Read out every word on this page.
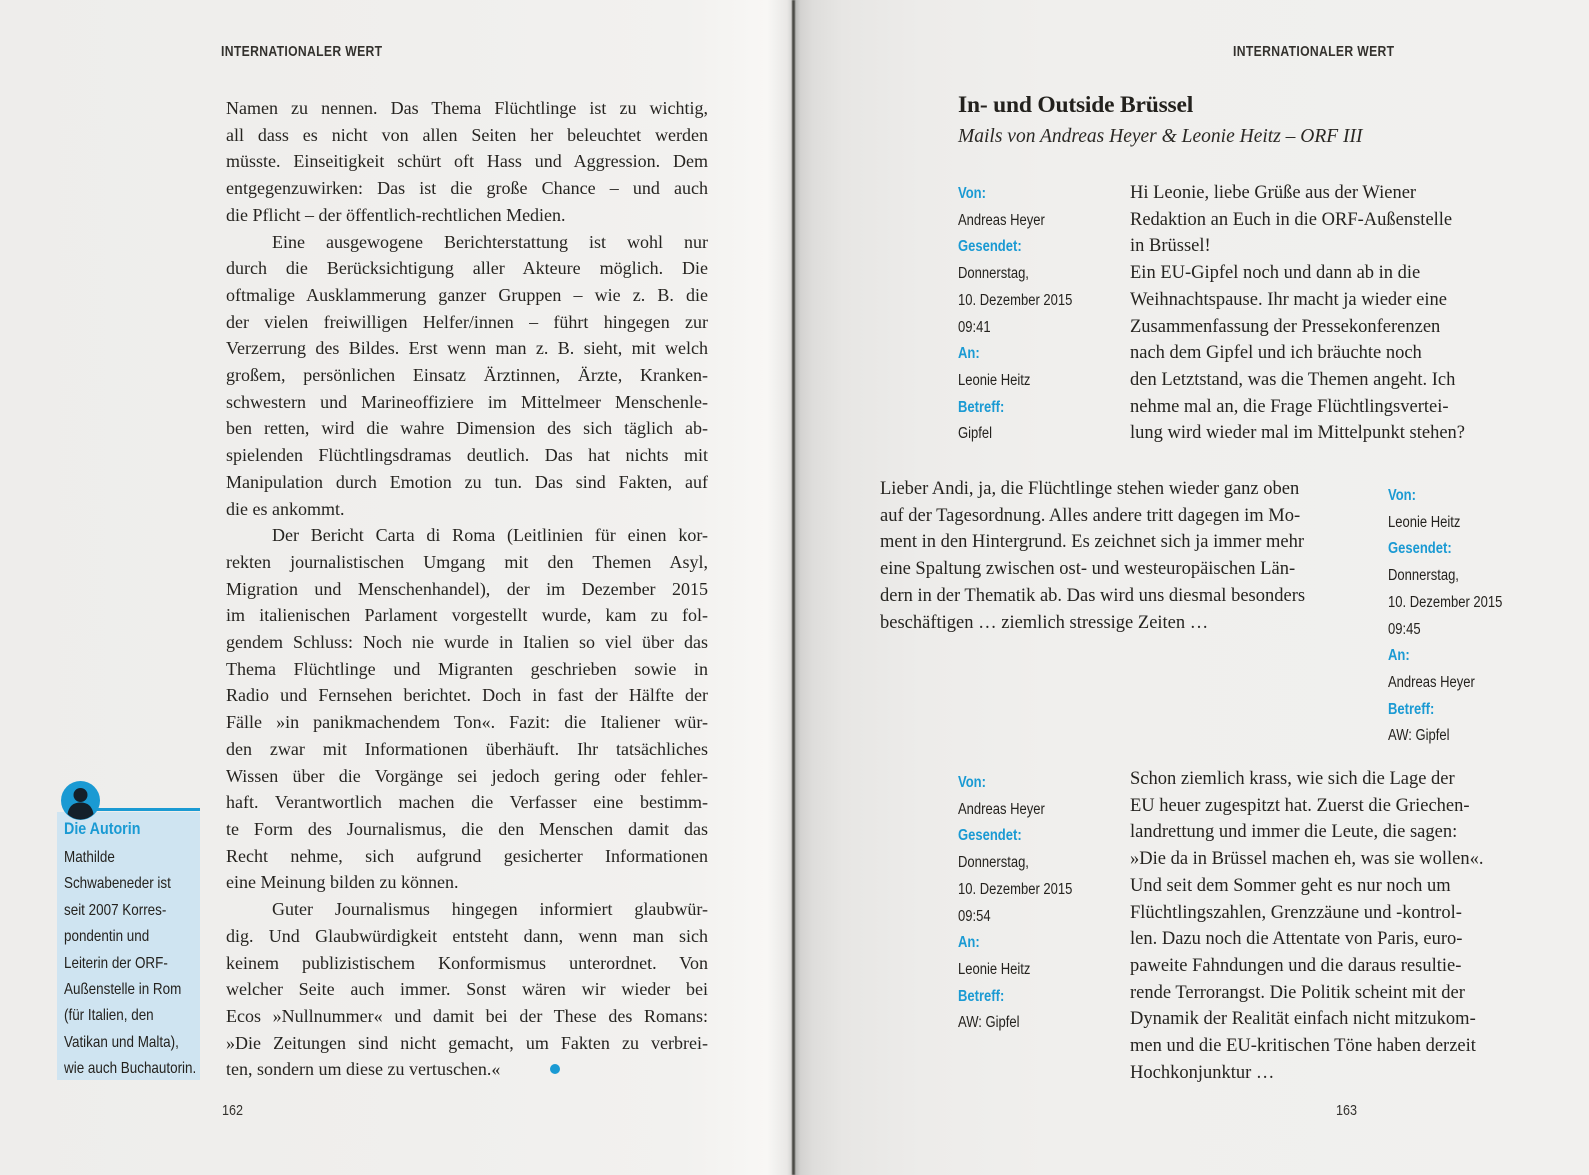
INTERNATIONALER WERT
Namen zu nennen. Das Thema Flüchtlinge ist zu wichtig,
all dass es nicht von allen Seiten her beleuchtet werden
müsste. Einseitigkeit schürt oft Hass und Aggression. Dem
entgegenzuwirken: Das ist die große Chance – und auch
die Pflicht – der öffentlich-rechtlichen Medien.
Eine ausgewogene Berichterstattung ist wohl nur
durch die Berücksichtigung aller Akteure möglich. Die
oftmalige Ausklammerung ganzer Gruppen – wie z. B. die
der vielen freiwilligen Helfer/innen – führt hingegen zur
Verzerrung des Bildes. Erst wenn man z. B. sieht, mit welch
großem, persönlichen Einsatz Ärztinnen, Ärzte, Kranken-
schwestern und Marineoffiziere im Mittelmeer Menschenle-
ben retten, wird die wahre Dimension des sich täglich ab-
spielenden Flüchtlingsdramas deutlich. Das hat nichts mit
Manipulation durch Emotion zu tun. Das sind Fakten, auf
die es ankommt.
Der Bericht Carta di Roma (Leitlinien für einen kor-
rekten journalistischen Umgang mit den Themen Asyl,
Migration und Menschenhandel), der im Dezember 2015
im italienischen Parlament vorgestellt wurde, kam zu fol-
gendem Schluss: Noch nie wurde in Italien so viel über das
Thema Flüchtlinge und Migranten geschrieben sowie in
Radio und Fernsehen berichtet. Doch in fast der Hälfte der
Fälle »in panikmachendem Ton«. Fazit: die Italiener wür-
den zwar mit Informationen überhäuft. Ihr tatsächliches
Wissen über die Vorgänge sei jedoch gering oder fehler-
haft. Verantwortlich machen die Verfasser eine bestimm-
te Form des Journalismus, die den Menschen damit das
Recht nehme, sich aufgrund gesicherter Informationen
eine Meinung bilden zu können.
Guter Journalismus hingegen informiert glaubwür-
dig. Und Glaubwürdigkeit entsteht dann, wenn man sich
keinem publizistischem Konformismus unterordnet. Von
welcher Seite auch immer. Sonst wären wir wieder bei
Ecos »Nullnummer« und damit bei der These des Romans:
»Die Zeitungen sind nicht gemacht, um Fakten zu verbrei-
ten, sondern um diese zu vertuschen.«
Die Autorin
Mathilde
Schwabeneder ist
seit 2007 Korres-
pondentin und
Leiterin der ORF-
Außenstelle in Rom
(für Italien, den
Vatikan und Malta),
wie auch Buchautorin.
162
INTERNATIONALER WERT
In- und Outside Brüssel
Mails von Andreas Heyer & Leonie Heitz – ORF III
Von:
Andreas Heyer
Gesendet:
Donnerstag,
10. Dezember 2015
09:41
An:
Leonie Heitz
Betreff:
Gipfel
Hi Leonie, liebe Grüße aus der Wiener
Redaktion an Euch in die ORF-Außenstelle
in Brüssel!
Ein EU-Gipfel noch und dann ab in die
Weihnachtspause. Ihr macht ja wieder eine
Zusammenfassung der Pressekonferenzen
nach dem Gipfel und ich bräuchte noch
den Letztstand, was die Themen angeht. Ich
nehme mal an, die Frage Flüchtlingsvertei-
lung wird wieder mal im Mittelpunkt stehen?
Lieber Andi, ja, die Flüchtlinge stehen wieder ganz oben
auf der Tagesordnung. Alles andere tritt dagegen im Mo-
ment in den Hintergrund. Es zeichnet sich ja immer mehr
eine Spaltung zwischen ost- und westeuropäischen Län-
dern in der Thematik ab. Das wird uns diesmal besonders
beschäftigen … ziemlich stressige Zeiten …
Von:
Leonie Heitz
Gesendet:
Donnerstag,
10. Dezember 2015
09:45
An:
Andreas Heyer
Betreff:
AW: Gipfel
Von:
Andreas Heyer
Gesendet:
Donnerstag,
10. Dezember 2015
09:54
An:
Leonie Heitz
Betreff:
AW: Gipfel
Schon ziemlich krass, wie sich die Lage der
EU heuer zugespitzt hat. Zuerst die Griechen-
landrettung und immer die Leute, die sagen:
»Die da in Brüssel machen eh, was sie wollen«.
Und seit dem Sommer geht es nur noch um
Flüchtlingszahlen, Grenzzäune und -kontrol-
len. Dazu noch die Attentate von Paris, euro-
paweite Fahndungen und die daraus resultie-
rende Terrorangst. Die Politik scheint mit der
Dynamik der Realität einfach nicht mitzukom-
men und die EU-kritischen Töne haben derzeit
Hochkonjunktur …
163
